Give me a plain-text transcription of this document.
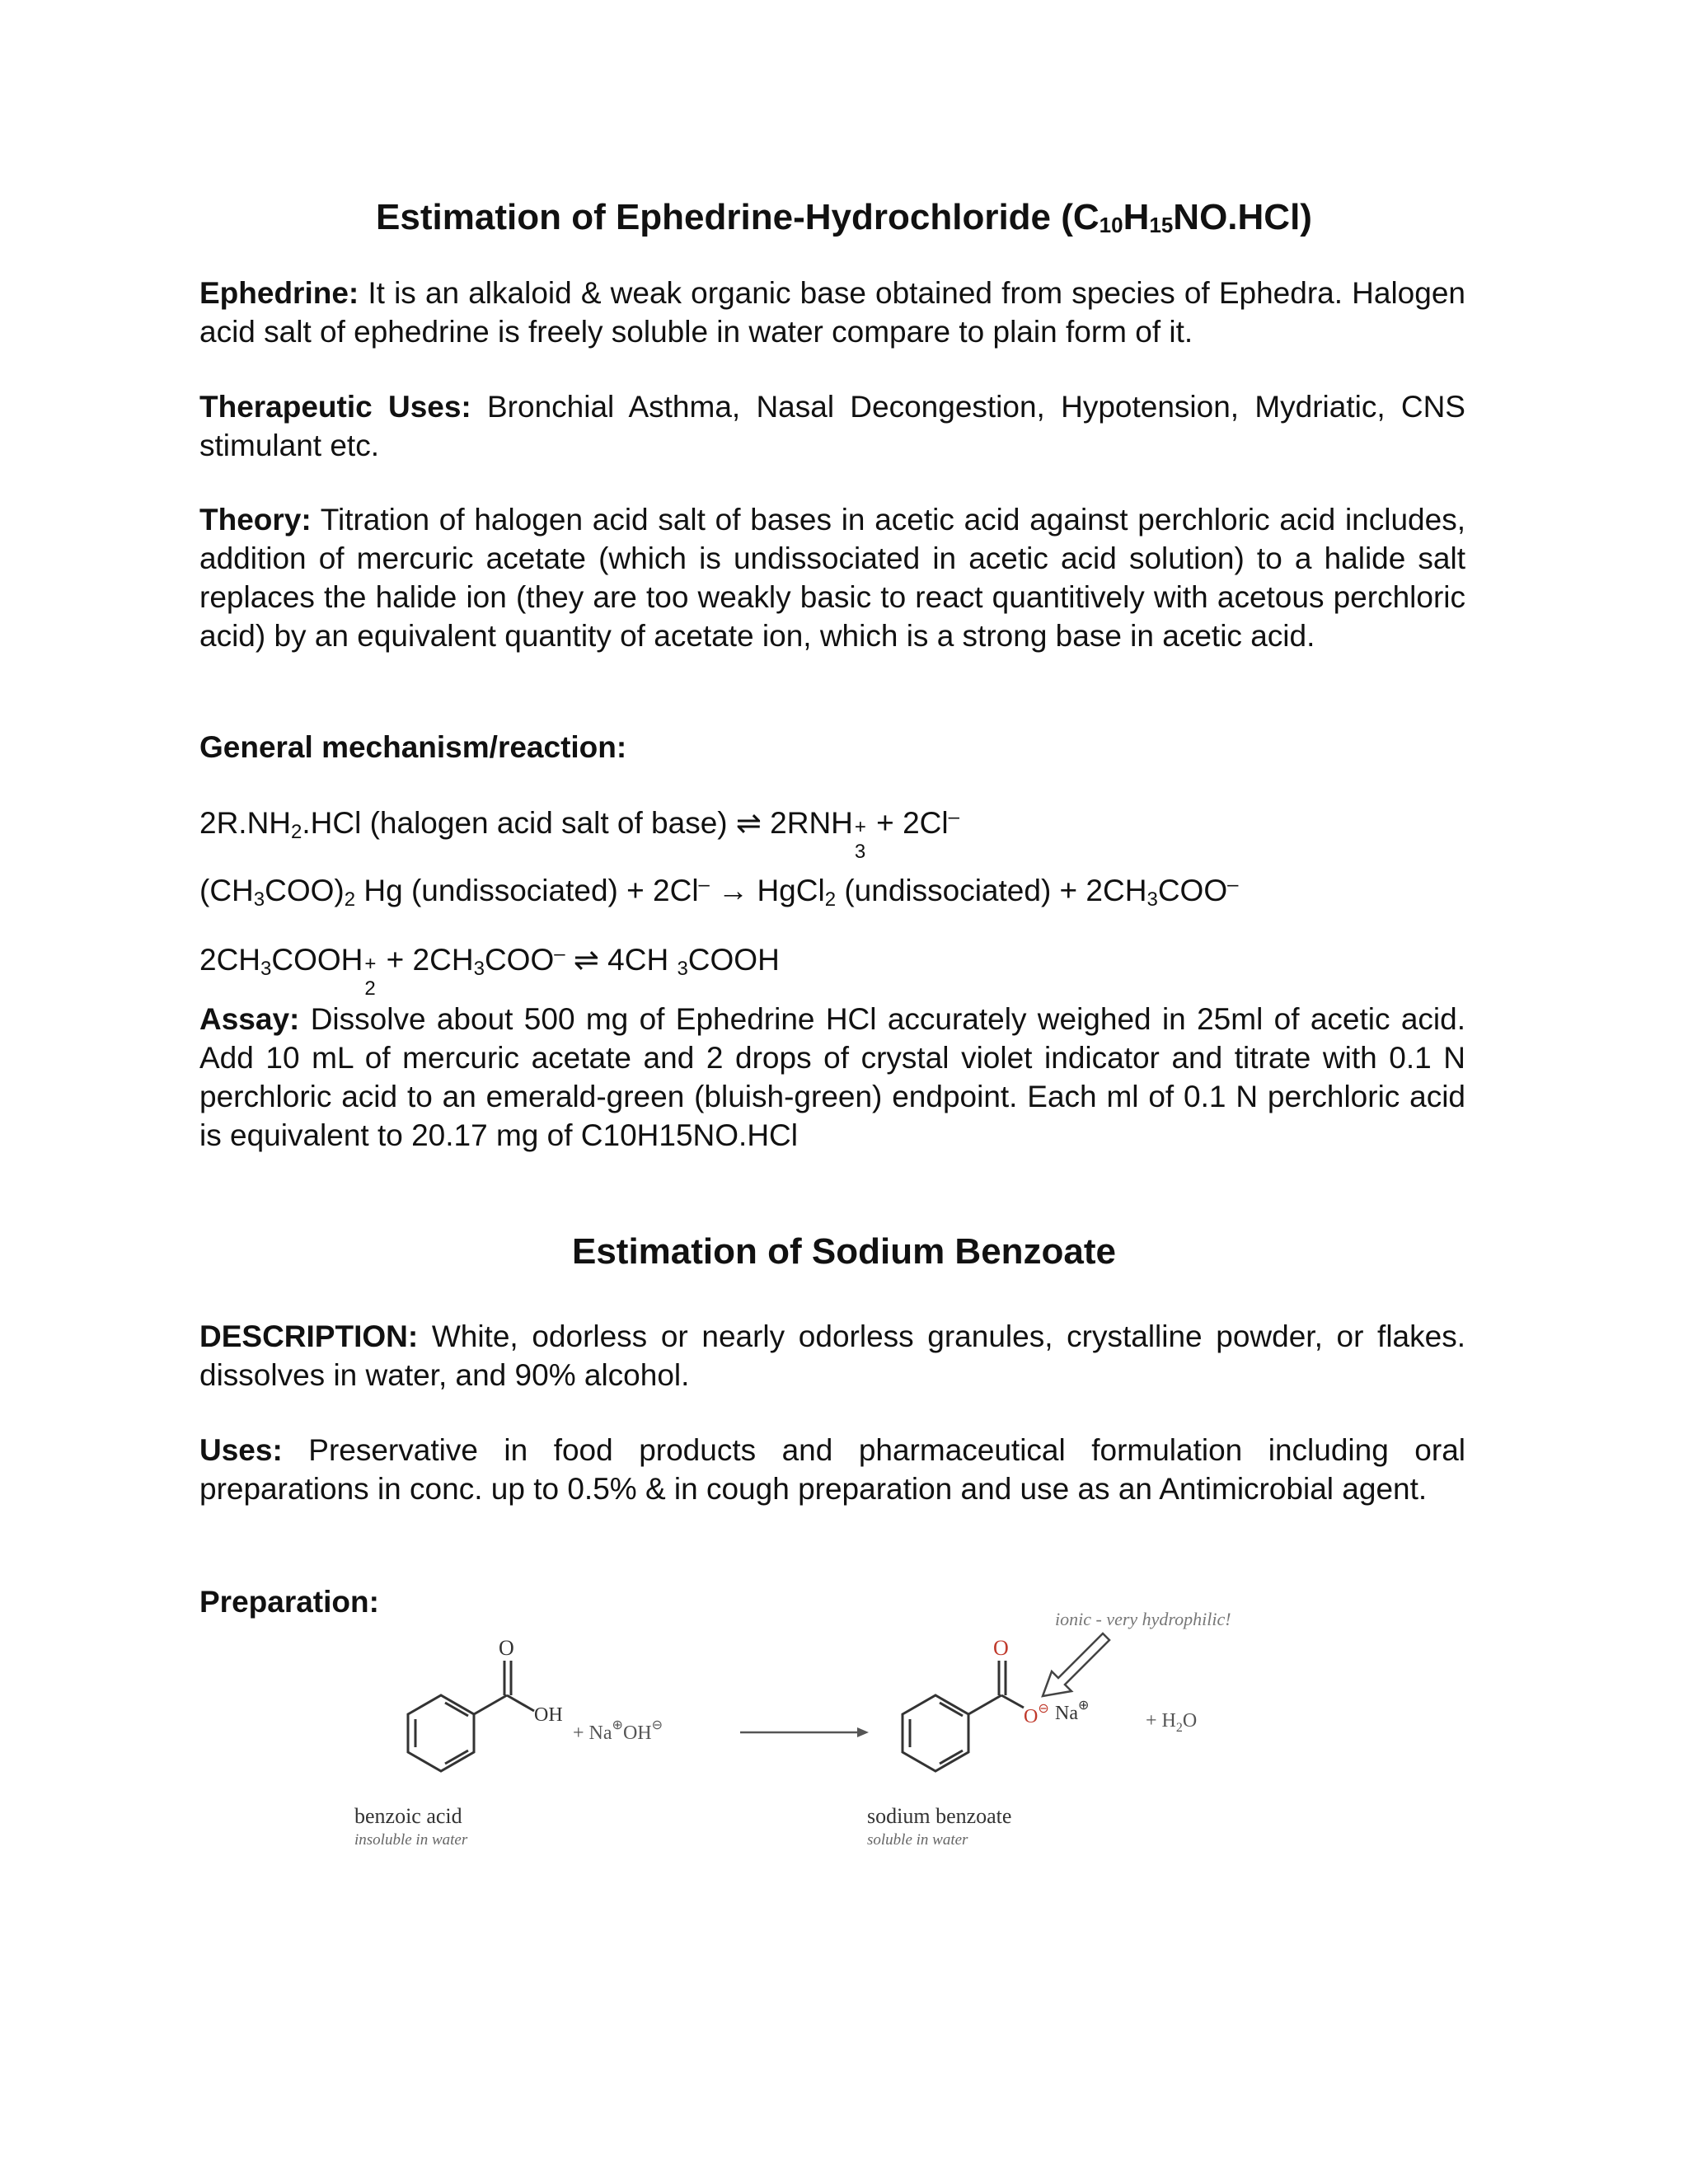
Estimation of Ephedrine-Hydrochloride $(C_{10}H_{15}NO.HCl)$

Ephedrine: It is an alkaloid & weak organic base obtained from species of Ephedra. Halogen acid salt of ephedrine is freely soluble in water compare to plain form of it.

Therapeutic Uses: Bronchial Asthma, Nasal Decongestion, Hypotension, Mydriatic, CNS stimulant etc.

Theory: Titration of halogen acid salt of bases in acetic acid against perchloric acid includes, addition of mercuric acetate (which is undissociated in acetic acid solution) to a halide salt replaces the halide ion (they are too weakly basic to react quantitively with acetous perchloric acid) by an equivalent quantity of acetate ion, which is a strong base in acetic acid.

General mechanism/reaction:

$2R.NH_2.HCl$ (halogen acid salt of base) ⇌ 2RNH +
3
+ 2Cl–
$(CH_3COO)_2$ Hg (undissociated) + 2Cl– → HgCl$_2$ (undissociated) + $2CH_3COO^-$
$2CH_3COOH$ +
2
+ $2CH_3COO^-$ ⇌ 4CH $_3$COOH

Assay: Dissolve about 500 mg of Ephedrine HCl accurately weighed in 25ml of acetic acid. Add 10 mL of mercuric acetate and 2 drops of crystal violet indicator and titrate with 0.1 N perchloric acid to an emerald-green (bluish-green) endpoint. Each ml of 0.1 N perchloric acid is equivalent to 20.17 mg of C10H15NO.HCl

Estimation of Sodium Benzoate

DESCRIPTION: White, odorless or nearly odorless granules, crystalline powder, or flakes. dissolves in water, and 90% alcohol.

Uses: Preservative in food products and pharmaceutical formulation including oral preparations in conc. up to 0.5% & in cough preparation and use as an Antimicrobial agent.

Preparation:

O
OH
benzoic acid
insoluble in water
+ Na⊕OH⊖
O
O⊖ Na⊕
ionic - very hydrophilic!
+ $H_2O$
sodium benzoate
soluble in water
